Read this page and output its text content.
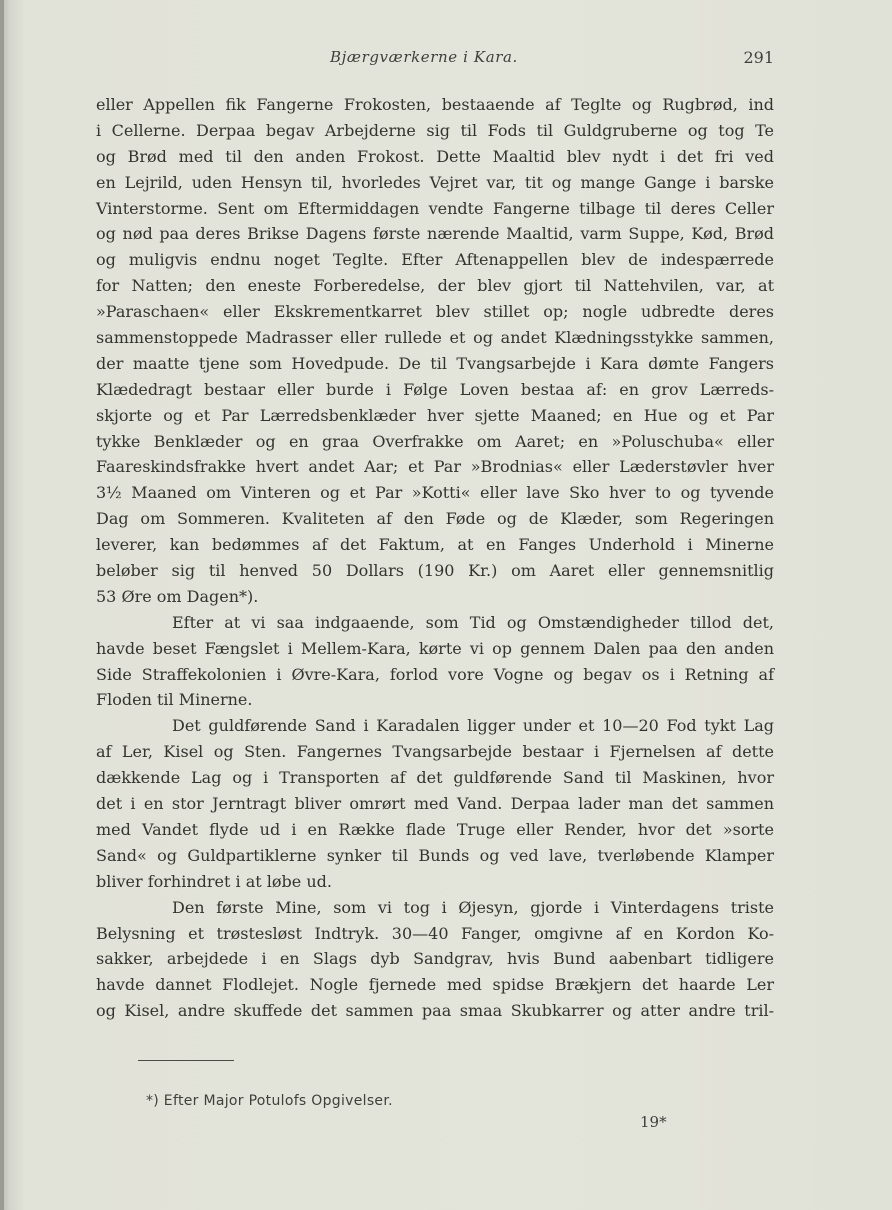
Bjærgværkerne i Kara.	291
eller Appellen fik Fangerne Frokosten, bestaaende af Teglte og Rugbrød, ind
i Cellerne. Derpaa begav Arbejderne sig til Fods til Guldgruberne og tog Te
og Brød med til den anden Frokost. Dette Maaltid blev nydt i det fri ved
en Lejrild, uden Hensyn til, hvorledes Vejret var, tit og mange Gange i barske
Vinterstorme. Sent om Eftermiddagen vendte Fangerne tilbage til deres Celler
og nød paa deres Brikse Dagens første nærende Maaltid, varm Suppe, Kød, Brød
og muligvis endnu noget Teglte. Efter Aftenappellen blev de indespærrede
for Natten; den eneste Forberedelse, der blev gjort til Nattehvilen, var, at
»Paraschaen« eller Ekskrementkarret blev stillet op; nogle udbredte deres
sammenstoppede Madrasser eller rullede et og andet Klædningsstykke sammen,
der maatte tjene som Hovedpude. De til Tvangsarbejde i Kara dømte Fangers
Klædedragt bestaar eller burde i Følge Loven bestaa af: en grov Lærreds-
skjorte og et Par Lærredsbenklæder hver sjette Maaned; en Hue og et Par
tykke Benklæder og en graa Overfrakke om Aaret; en »Poluschuba« eller
Faareskindsfrakke hvert andet Aar; et Par »Brodnias« eller Læderstøvler hver
3½ Maaned om Vinteren og et Par »Kotti« eller lave Sko hver to og tyvende
Dag om Sommeren. Kvaliteten af den Føde og de Klæder, som Regeringen
leverer, kan bedømmes af det Faktum, at en Fanges Underhold i Minerne
beløber sig til henved 50 Dollars (190 Kr.) om Aaret eller gennemsnitlig
53 Øre om Dagen*).
Efter at vi saa indgaaende, som Tid og Omstændigheder tillod det,
havde beset Fængslet i Mellem-Kara, kørte vi op gennem Dalen paa den anden
Side Straffekolonien i Øvre-Kara, forlod vore Vogne og begav os i Retning af
Floden til Minerne.
Det guldførende Sand i Karadalen ligger under et 10—20 Fod tykt Lag
af Ler, Kisel og Sten. Fangernes Tvangsarbejde bestaar i Fjernelsen af dette
dækkende Lag og i Transporten af det guldførende Sand til Maskinen, hvor
det i en stor Jerntragt bliver omrørt med Vand. Derpaa lader man det sammen
med Vandet flyde ud i en Række flade Truge eller Render, hvor det »sorte
Sand« og Guldpartiklerne synker til Bunds og ved lave, tverløbende Klamper
bliver forhindret i at løbe ud.
Den første Mine, som vi tog i Øjesyn, gjorde i Vinterdagens triste
Belysning et trøstesløst Indtryk. 30—40 Fanger, omgivne af en Kordon Ko-
sakker, arbejdede i en Slags dyb Sandgrav, hvis Bund aabenbart tidligere
havde dannet Flodlejet. Nogle fjernede med spidse Brækjern det haarde Ler
og Kisel, andre skuffede det sammen paa smaa Skubkarrer og atter andre tril-
*) Efter Major Potulofs Opgivelser.
19*
